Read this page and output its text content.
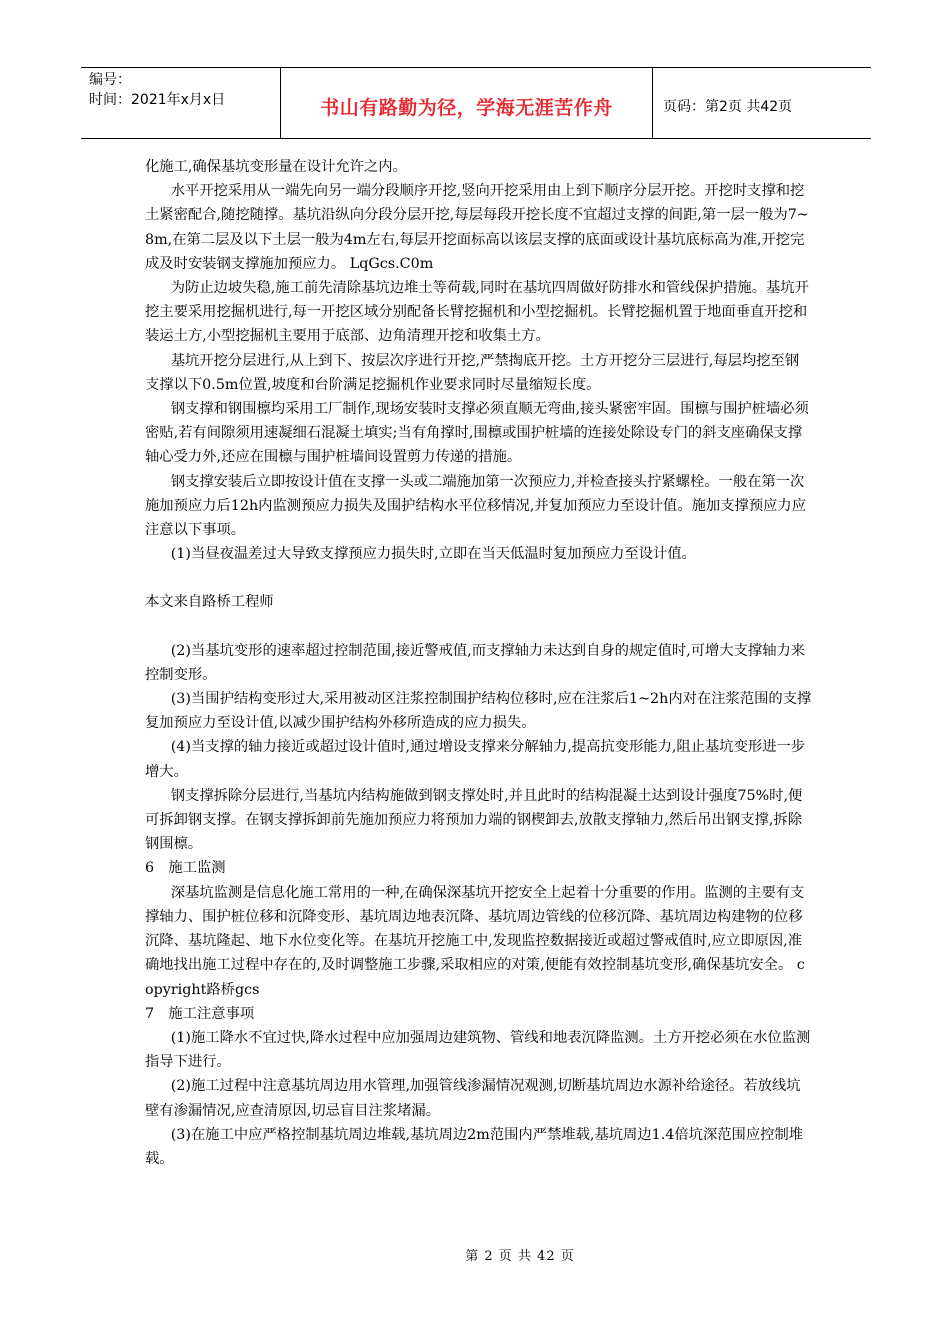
编号：
时间：2021年x月x日	书山有路勤为径，学海无涯苦作舟	页码：第2页 共42页

化施工,确保基坑变形量在设计允许之内。

水平开挖采用从一端先向另一端分段顺序开挖,竖向开挖采用由上到下顺序分层开挖。开挖时支撑和挖土紧密配合,随挖随撑。基坑沿纵向分段分层开挖,每层每段开挖长度不宜超过支撑的间距,第一层一般为7~8m,在第二层及以下土层一般为4m左右,每层开挖面标高以该层支撑的底面或设计基坑底标高为准,开挖完成及时安装钢支撑施加预应力。 LqGcs.C0m

为防止边坡失稳,施工前先清除基坑边堆土等荷载,同时在基坑四周做好防排水和管线保护措施。基坑开挖主要采用挖掘机进行,每一开挖区域分别配备长臂挖掘机和小型挖掘机。长臂挖掘机置于地面垂直开挖和装运土方,小型挖掘机主要用于底部、边角清理开挖和收集土方。

基坑开挖分层进行,从上到下、按层次序进行开挖,严禁掏底开挖。土方开挖分三层进行,每层均挖至钢支撑以下0.5m位置,坡度和台阶满足挖掘机作业要求同时尽量缩短长度。

钢支撑和钢围檩均采用工厂制作,现场安装时支撑必须直顺无弯曲,接头紧密牢固。围檩与围护桩墙必须密贴,若有间隙须用速凝细石混凝土填实;当有角撑时,围檩或围护桩墙的连接处除设专门的斜支座确保支撑轴心受力外,还应在围檩与围护桩墙间设置剪力传递的措施。

钢支撑安装后立即按设计值在支撑一头或二端施加第一次预应力,并检查接头拧紧螺栓。一般在第一次施加预应力后12h内监测预应力损失及围护结构水平位移情况,并复加预应力至设计值。施加支撑预应力应注意以下事项。

(1)当昼夜温差过大导致支撑预应力损失时,立即在当天低温时复加预应力至设计值。

本文来自路桥工程师

(2)当基坑变形的速率超过控制范围,接近警戒值,而支撑轴力未达到自身的规定值时,可增大支撑轴力来控制变形。

(3)当围护结构变形过大,采用被动区注浆控制围护结构位移时,应在注浆后1~2h内对在注浆范围的支撑复加预应力至设计值,以减少围护结构外移所造成的应力损失。

(4)当支撑的轴力接近或超过设计值时,通过增设支撑来分解轴力,提高抗变形能力,阻止基坑变形进一步增大。

钢支撑拆除分层进行,当基坑内结构施做到钢支撑处时,并且此时的结构混凝土达到设计强度75%时,便可拆卸钢支撑。在钢支撑拆卸前先施加预应力将预加力端的钢楔卸去,放散支撑轴力,然后吊出钢支撑,拆除钢围檩。

6　施工监测

深基坑监测是信息化施工常用的一种,在确保深基坑开挖安全上起着十分重要的作用。监测的主要有支撑轴力、围护桩位移和沉降变形、基坑周边地表沉降、基坑周边管线的位移沉降、基坑周边构建物的位移沉降、基坑隆起、地下水位变化等。在基坑开挖施工中,发现监控数据接近或超过警戒值时,应立即原因,准确地找出施工过程中存在的,及时调整施工步骤,采取相应的对策,便能有效控制基坑变形,确保基坑安全。 copyright路桥gcs

7　施工注意事项

(1)施工降水不宜过快,降水过程中应加强周边建筑物、管线和地表沉降监测。土方开挖必须在水位监测指导下进行。

(2)施工过程中注意基坑周边用水管理,加强管线渗漏情况观测,切断基坑周边水源补给途径。若放线坑壁有渗漏情况,应查清原因,切忌盲目注浆堵漏。

(3)在施工中应严格控制基坑周边堆载,基坑周边2m范围内严禁堆载,基坑周边1.4倍坑深范围应控制堆载。

第 2 页 共 42 页
